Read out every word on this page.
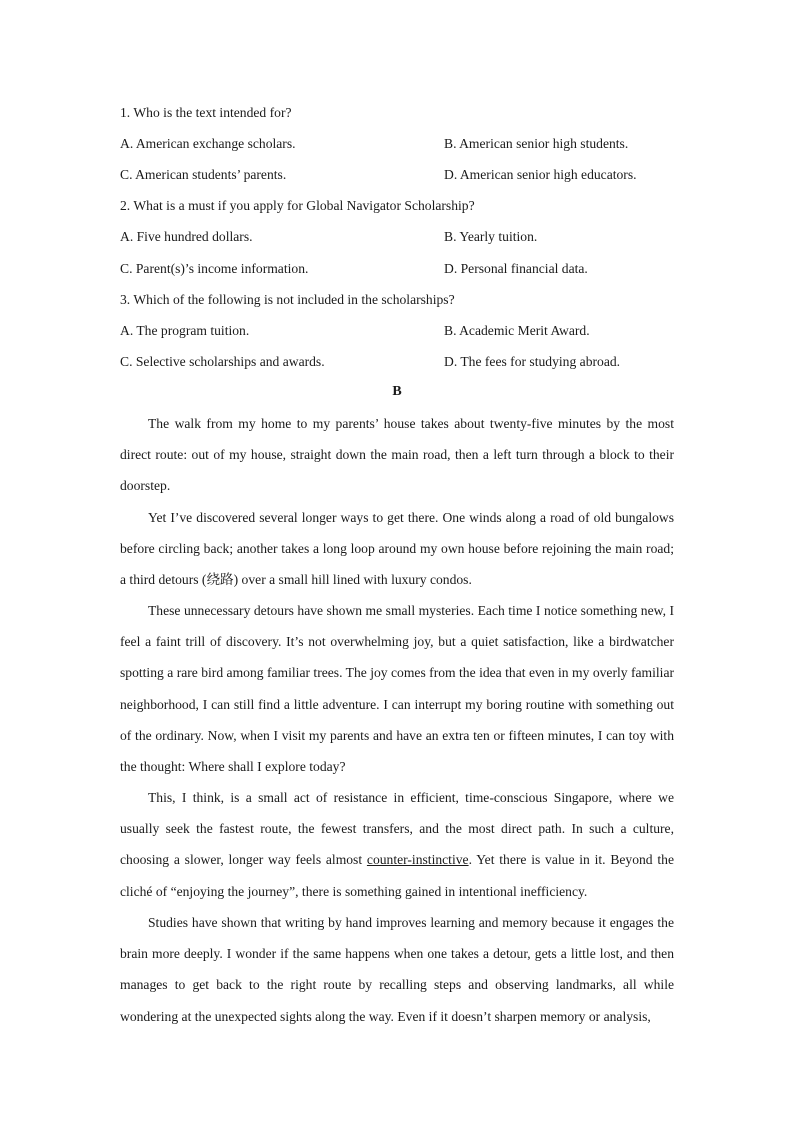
1. Who is the text intended for?
A. American exchange scholars.	B. American senior high students.
C. American students’ parents.	D. American senior high educators.
2. What is a must if you apply for Global Navigator Scholarship?
A. Five hundred dollars.	B. Yearly tuition.
C. Parent(s)’s income information.	D. Personal financial data.
3. Which of the following is not included in the scholarships?
A. The program tuition.	B. Academic Merit Award.
C. Selective scholarships and awards.	D. The fees for studying abroad.
B
The walk from my home to my parents’ house takes about twenty-five minutes by the most direct route: out of my house, straight down the main road, then a left turn through a block to their doorstep.
Yet I’ve discovered several longer ways to get there. One winds along a road of old bungalows before circling back; another takes a long loop around my own house before rejoining the main road; a third detours (绕路) over a small hill lined with luxury condos.
These unnecessary detours have shown me small mysteries. Each time I notice something new, I feel a faint trill of discovery. It’s not overwhelming joy, but a quiet satisfaction, like a birdwatcher spotting a rare bird among familiar trees. The joy comes from the idea that even in my overly familiar neighborhood, I can still find a little adventure. I can interrupt my boring routine with something out of the ordinary. Now, when I visit my parents and have an extra ten or fifteen minutes, I can toy with the thought: Where shall I explore today?
This, I think, is a small act of resistance in efficient, time-conscious Singapore, where we usually seek the fastest route, the fewest transfers, and the most direct path. In such a culture, choosing a slower, longer way feels almost counter-instinctive. Yet there is value in it. Beyond the cliché of “enjoying the journey”, there is something gained in intentional inefficiency.
Studies have shown that writing by hand improves learning and memory because it engages the brain more deeply. I wonder if the same happens when one takes a detour, gets a little lost, and then manages to get back to the right route by recalling steps and observing landmarks, all while wondering at the unexpected sights along the way. Even if it doesn’t sharpen memory or analysis,
